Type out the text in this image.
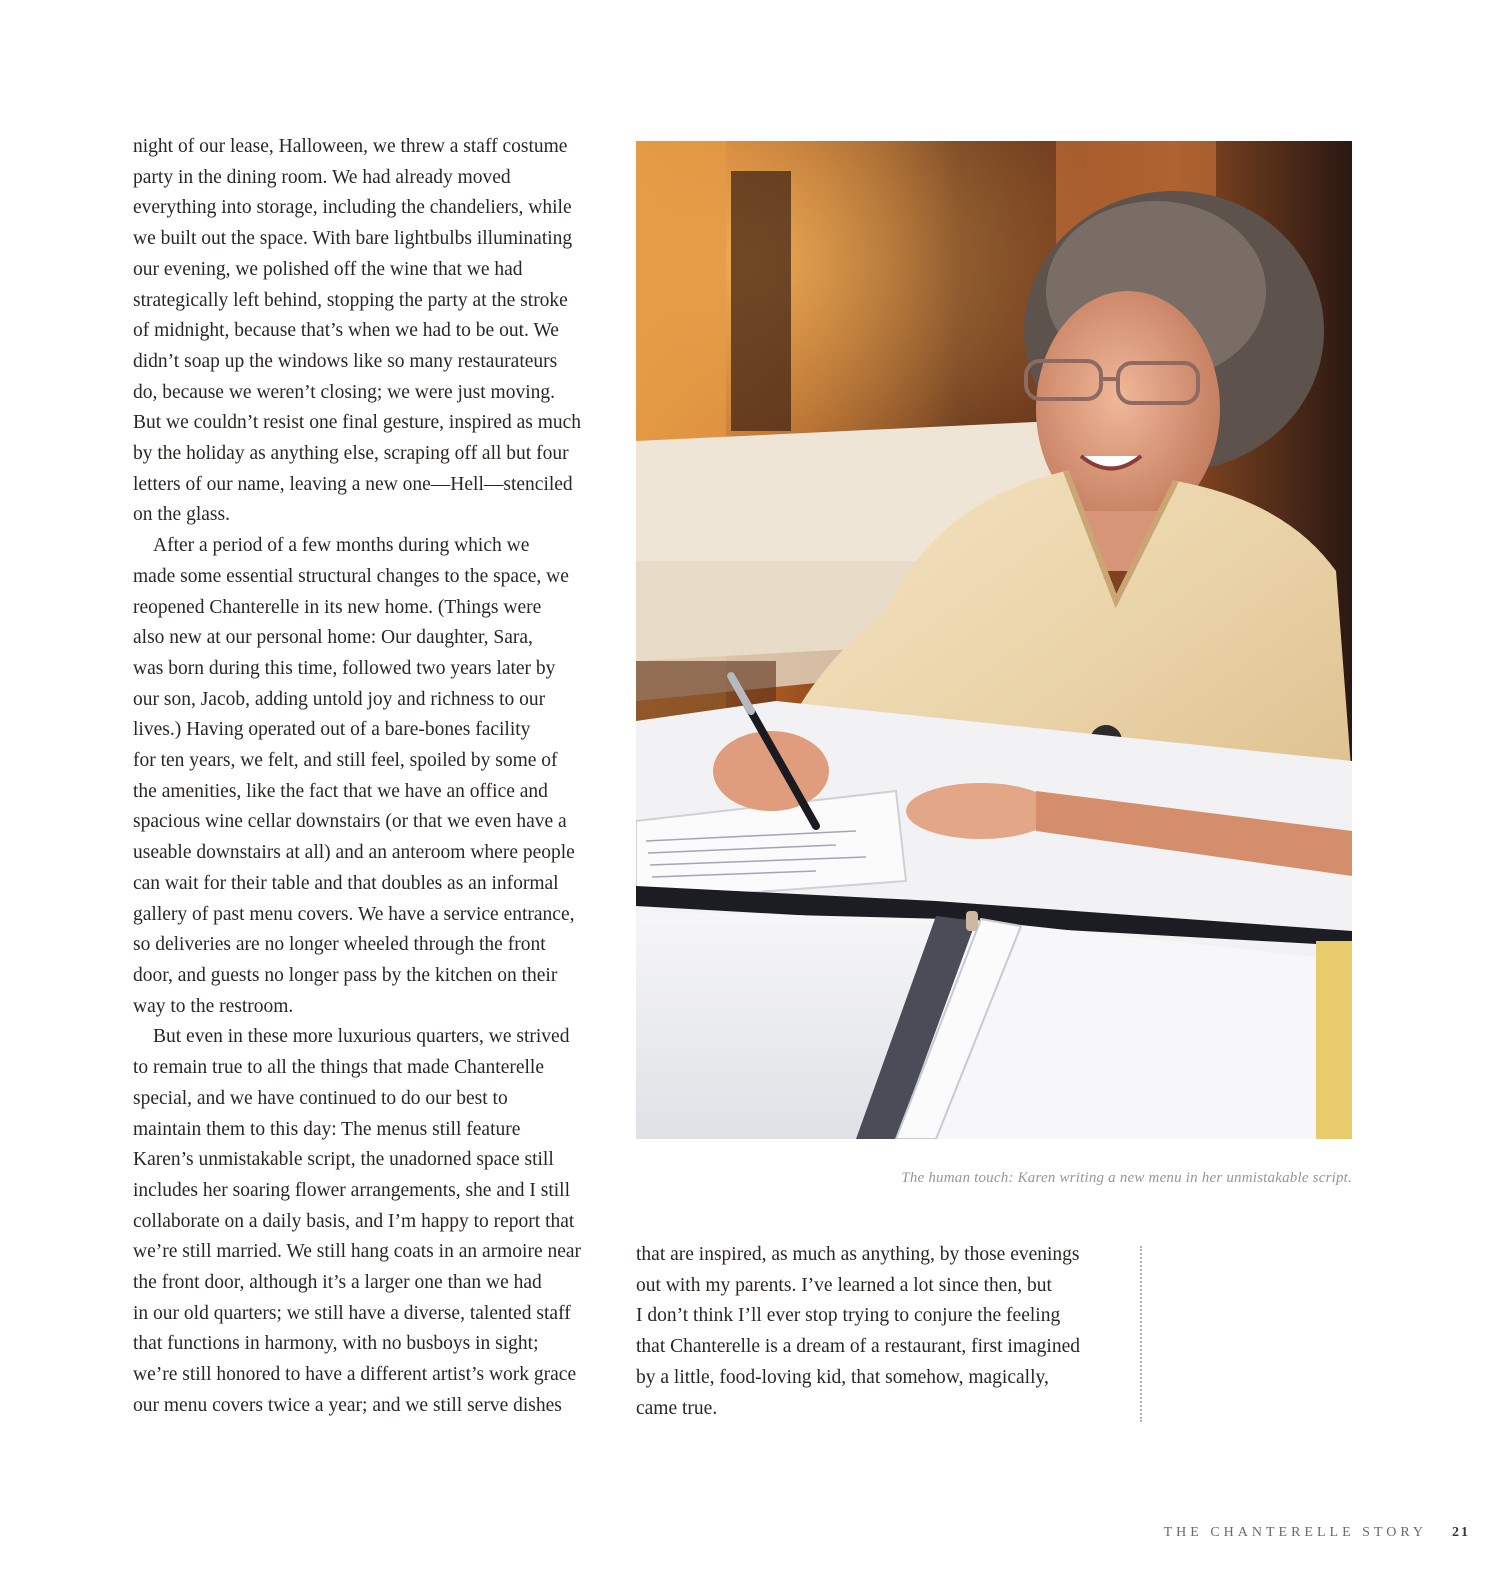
night of our lease, Halloween, we threw a staff costume
party in the dining room. We had already moved
everything into storage, including the chandeliers, while
we built out the space. With bare lightbulbs illuminating
our evening, we polished off the wine that we had
strategically left behind, stopping the party at the stroke
of midnight, because that’s when we had to be out. We
didn’t soap up the windows like so many restaurateurs
do, because we weren’t closing; we were just moving.
But we couldn’t resist one final gesture, inspired as much
by the holiday as anything else, scraping off all but four
letters of our name, leaving a new one—Hell—stenciled
on the glass.

After a period of a few months during which we
made some essential structural changes to the space, we
reopened Chanterelle in its new home. (Things were
also new at our personal home: Our daughter, Sara,
was born during this time, followed two years later by
our son, Jacob, adding untold joy and richness to our
lives.) Having operated out of a bare-bones facility
for ten years, we felt, and still feel, spoiled by some of
the amenities, like the fact that we have an office and
spacious wine cellar downstairs (or that we even have a
useable downstairs at all) and an anteroom where people
can wait for their table and that doubles as an informal
gallery of past menu covers. We have a service entrance,
so deliveries are no longer wheeled through the front
door, and guests no longer pass by the kitchen on their
way to the restroom.

But even in these more luxurious quarters, we strived
to remain true to all the things that made Chanterelle
special, and we have continued to do our best to
maintain them to this day: The menus still feature
Karen’s unmistakable script, the unadorned space still
includes her soaring flower arrangements, she and I still
collaborate on a daily basis, and I’m happy to report that
we’re still married. We still hang coats in an armoire near
the front door, although it’s a larger one than we had
in our old quarters; we still have a diverse, talented staff
that functions in harmony, with no busboys in sight;
we’re still honored to have a different artist’s work grace
our menu covers twice a year; and we still serve dishes

The human touch: Karen writing a new menu in her unmistakable script.

that are inspired, as much as anything, by those evenings
out with my parents. I’ve learned a lot since then, but
I don’t think I’ll ever stop trying to conjure the feeling
that Chanterelle is a dream of a restaurant, first imagined
by a little, food-loving kid, that somehow, magically,
came true.

THE CHANTERELLE STORY 21
